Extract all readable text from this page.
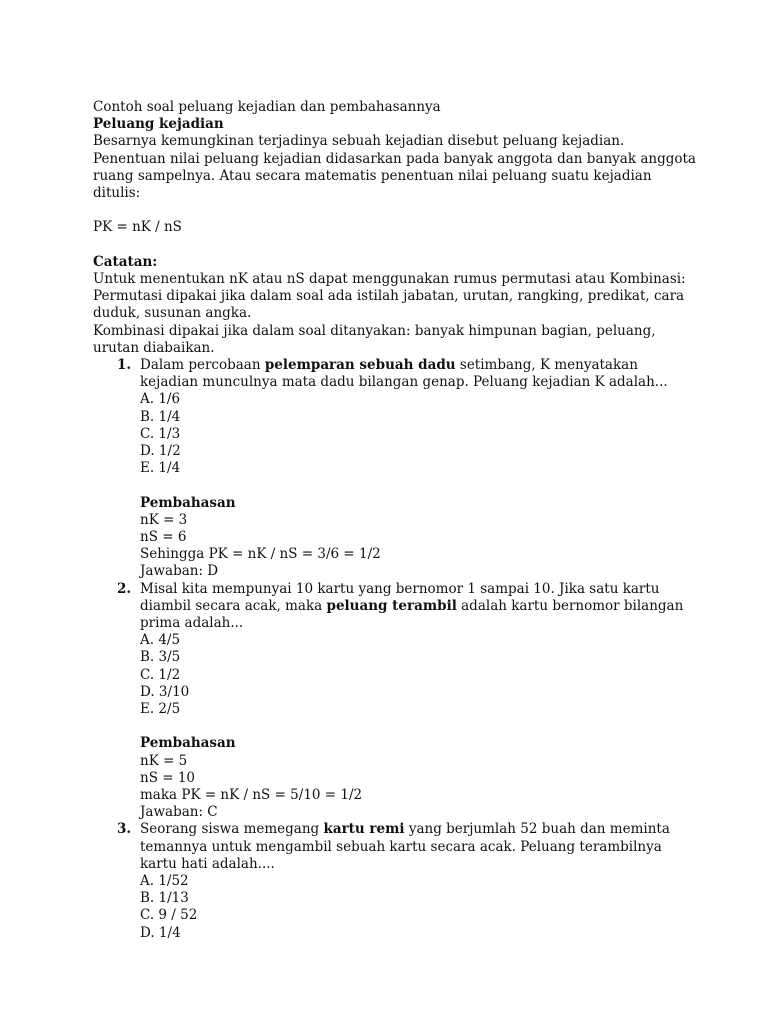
Contoh soal peluang kejadian dan pembahasannya

Peluang kejadian

Besarnya kemungkinan terjadinya sebuah kejadian disebut peluang kejadian. Penentuan nilai peluang kejadian didasarkan pada banyak anggota dan banyak anggota ruang sampelnya. Atau secara matematis penentuan nilai peluang suatu kejadian ditulis:

PK = nK / nS

Catatan:

Untuk menentukan nK atau nS dapat menggunakan rumus permutasi atau Kombinasi:

Permutasi dipakai jika dalam soal ada istilah jabatan, urutan, rangking, predikat, cara duduk, susunan angka.

Kombinasi dipakai jika dalam soal ditanyakan: banyak himpunan bagian, peluang, urutan diabaikan.

1. Dalam percobaan pelemparan sebuah dadu setimbang, K menyatakan kejadian munculnya mata dadu bilangan genap. Peluang kejadian K adalah...
A. 1/6
B. 1/4
C. 1/3
D. 1/2
E. 1/4
Pembahasan
nK = 3
nS = 6
Sehingga PK = nK / nS = 3/6 = 1/2
Jawaban: D
2. Misal kita mempunyai 10 kartu yang bernomor 1 sampai 10. Jika satu kartu diambil secara acak, maka peluang terambil adalah kartu bernomor bilangan prima adalah...
A. 4/5
B. 3/5
C. 1/2
D. 3/10
E. 2/5
Pembahasan
nK = 5
nS = 10
maka PK = nK / nS = 5/10 = 1/2
Jawaban: C
3. Seorang siswa memegang kartu remi yang berjumlah 52 buah dan meminta temannya untuk mengambil sebuah kartu secara acak. Peluang terambilnya kartu hati adalah....
A. 1/52
B. 1/13
C. 9 / 52
D. 1/4
